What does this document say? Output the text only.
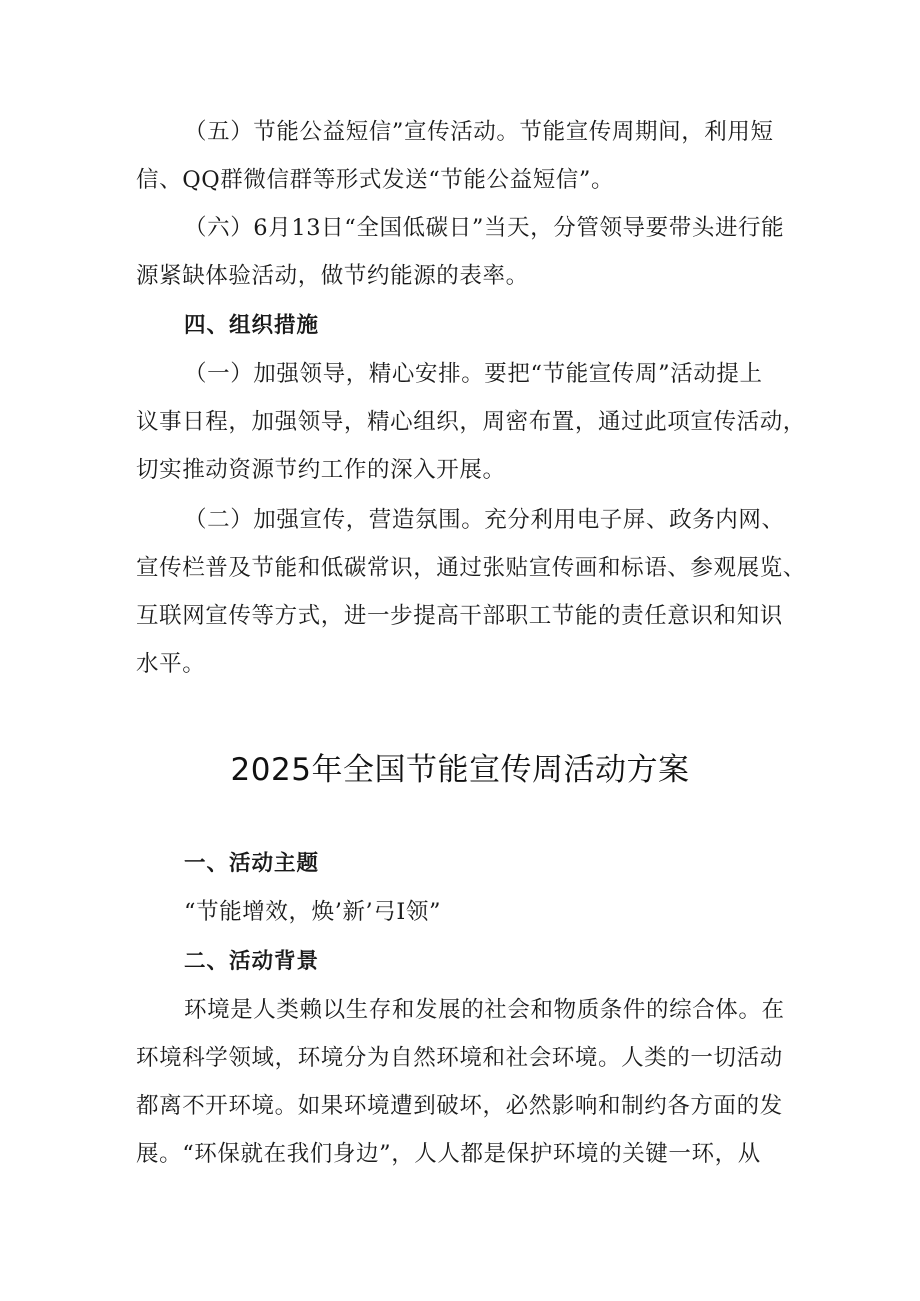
（五）节能公益短信”宣传活动。节能宣传周期间，利用短
信、QQ群微信群等形式发送“节能公益短信”。
（六）6月13日“全国低碳日”当天，分管领导要带头进行能
源紧缺体验活动，做节约能源的表率。
四、组织措施
（一）加强领导，精心安排。要把“节能宣传周”活动提上
议事日程，加强领导，精心组织，周密布置，通过此项宣传活动，
切实推动资源节约工作的深入开展。
（二）加强宣传，营造氛围。充分利用电子屏、政务内网、
宣传栏普及节能和低碳常识，通过张贴宣传画和标语、参观展览、
互联网宣传等方式，进一步提高干部职工节能的责任意识和知识
水平。
2025年全国节能宣传周活动方案
一、活动主题
“节能增效，焕’新’弓I领”
二、活动背景
环境是人类赖以生存和发展的社会和物质条件的综合体。在
环境科学领域，环境分为自然环境和社会环境。人类的一切活动
都离不开环境。如果环境遭到破坏，必然影响和制约各方面的发
展。“环保就在我们身边”，人人都是保护环境的关键一环，从
